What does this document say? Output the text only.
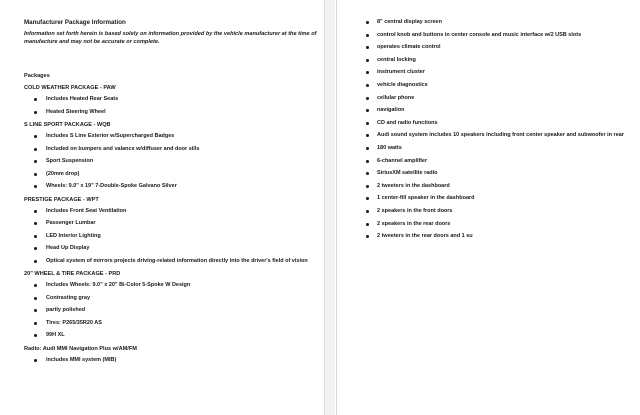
Manufacturer Package Information

Information set forth herein is based solely on information provided by the vehicle manufacturer at the time of manufacture and may not be accurate or complete.

Packages

COLD WEATHER PACKAGE - PAW

Includes Heated Rear Seats
Heated Steering Wheel

S LINE SPORT PACKAGE - WQB

Includes S Line Exterior w/Supercharged Badges
Included on bumpers and valance w/diffuser and door sills
Sport Suspension
(20mm drop)
Wheels: 9.0" x 19" 7-Double-Spoke Galvano Silver

PRESTIGE PACKAGE - WPT

Includes Front Seat Ventilation
Passenger Lumbar
LED Interior Lighting
Head Up Display
Optical system of mirrors projects driving-related information directly into the driver's field of vision

20" WHEEL & TIRE PACKAGE - PRD

Includes Wheels: 9.0" x 20" Bi-Color 5-Spoke W Design
Contrasting gray
partly polished
Tires: P265/35R20 AS
99H XL

Radio: Audi MMI Navigation Plus w/AM/FM

includes MMI system (MIB)
8" central display screen
control knob and buttons in center console and music interface w/2 USB slots
operates climate control
central locking
instrument cluster
vehicle diagnostics
cellular phone
navigation
CD and radio functions
Audi sound system includes 10 speakers including front center speaker and subwoofer in rear
180 watts
6-channel amplifier
SiriusXM satellite radio
2 tweeters in the dashboard
1 center-fill speaker in the dashboard
2 speakers in the front doors
2 speakers in the rear doors
2 tweeters in the rear doors and 1 su
